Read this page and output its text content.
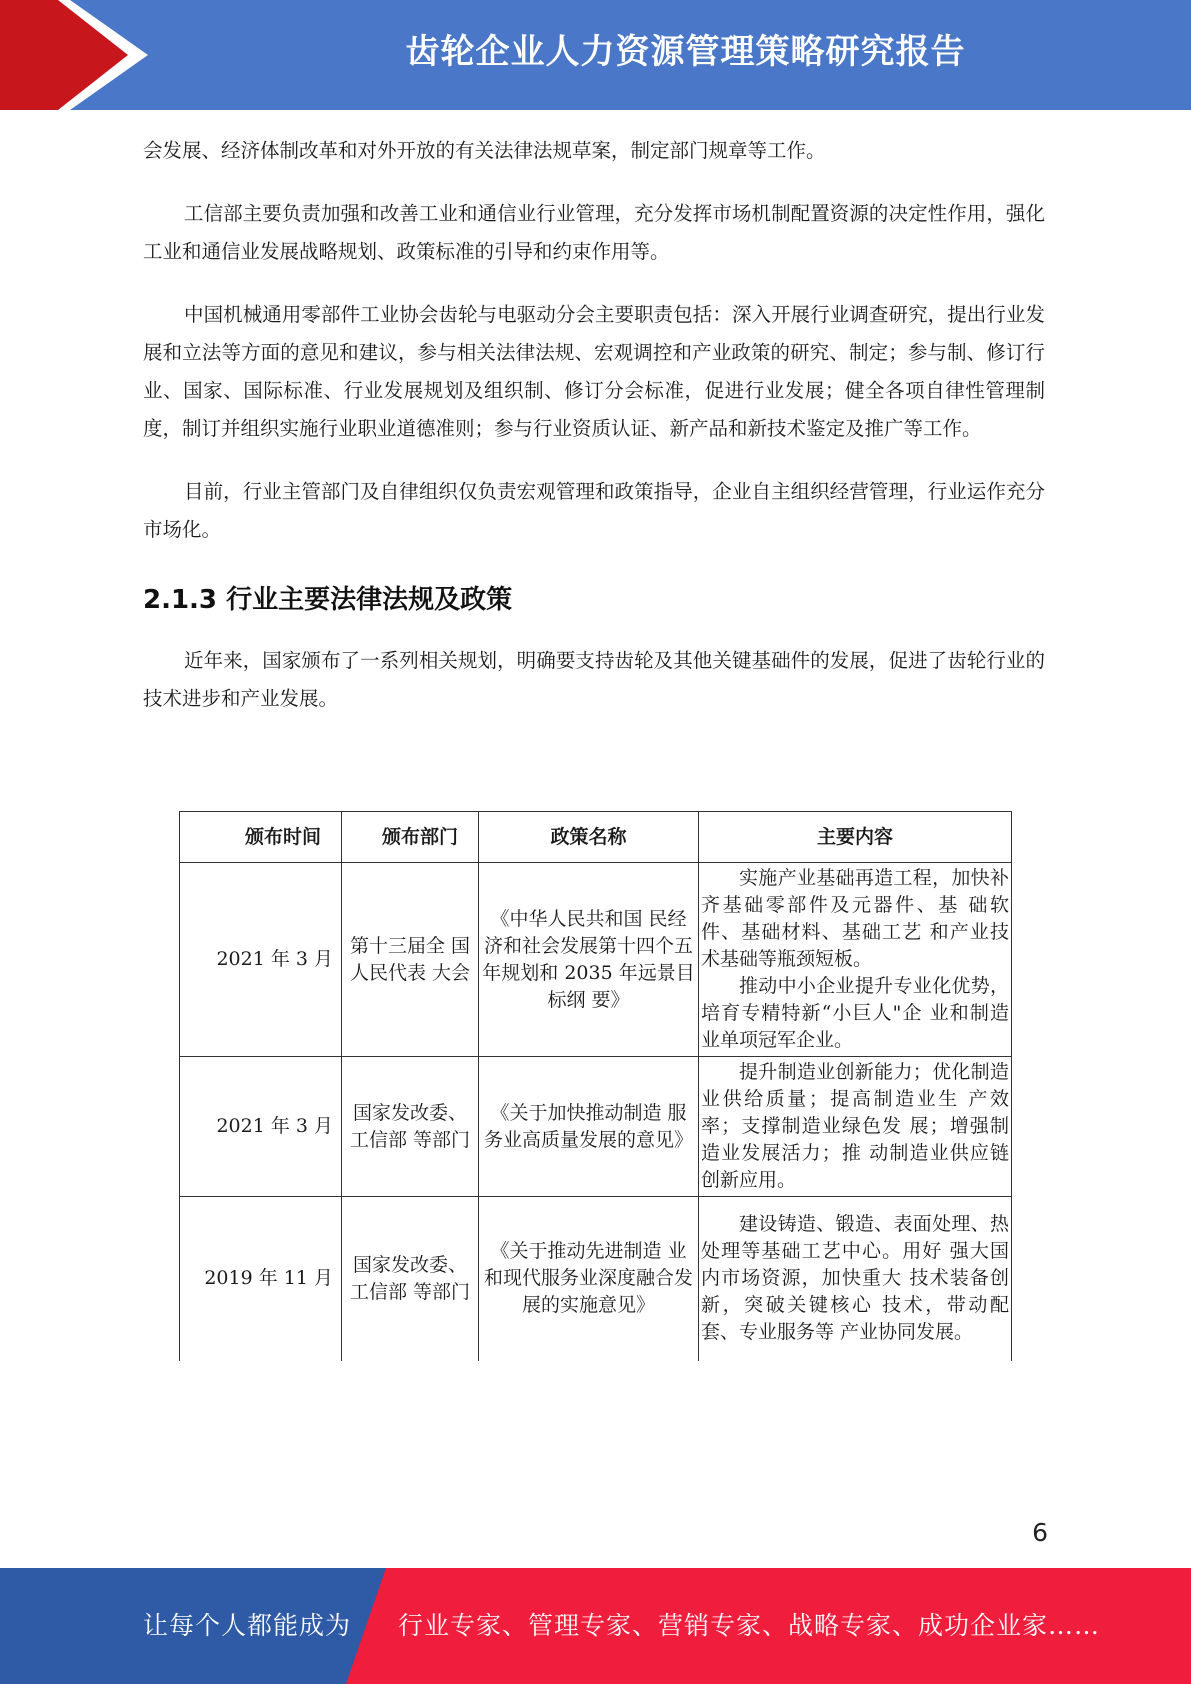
齿轮企业人力资源管理策略研究报告

会发展、经济体制改革和对外开放的有关法律法规草案，制定部门规章等工作。

工信部主要负责加强和改善工业和通信业行业管理，充分发挥市场机制配置资源的决定性作用，强化工业和通信业发展战略规划、政策标准的引导和约束作用等。

中国机械通用零部件工业协会齿轮与电驱动分会主要职责包括：深入开展行业调查研究，提出行业发展和立法等方面的意见和建议，参与相关法律法规、宏观调控和产业政策的研究、制定；参与制、修订行业、国家、国际标准、行业发展规划及组织制、修订分会标准，促进行业发展；健全各项自律性管理制度，制订并组织实施行业职业道德准则；参与行业资质认证、新产品和新技术鉴定及推广等工作。

目前，行业主管部门及自律组织仅负责宏观管理和政策指导，企业自主组织经营管理，行业运作充分市场化。

2.1.3 行业主要法律法规及政策

近年来，国家颁布了一系列相关规划，明确要支持齿轮及其他关键基础件的发展，促进了齿轮行业的技术进步和产业发展。

颁布时间	颁布部门	政策名称	主要内容
2021 年 3 月	第十三届全 国人民代表 大会	《中华人民共和国 民经济和社会发展第十四个五年规划和 2035 年远景目标纲 要》	实施产业基础再造工程，加快补齐基础零部件及元器件、基 础软件、基础材料、基础工艺 和产业技术基础等瓶颈短板。

推动中小企业提升专业化优势，培育专精特新“小巨人"企 业和制造业单项冠军企业。

2021 年 3 月	国家发改委、工信部 等部门	《关于加快推动制造 服务业高质量发展的意见》	提升制造业创新能力；优化制造业供给质量；提高制造业生 产效率；支撑制造业绿色发 展；增强制造业发展活力；推 动制造业供应链创新应用。

2019 年 11 月	国家发改委、工信部 等部门	《关于推动先进制造 业和现代服务业深度融合发展的实施意见》	建设铸造、锻造、表面处理、热处理等基础工艺中心。用好 强大国内市场资源，加快重大 技术装备创新，突破关键核心 技术，带动配套、专业服务等 产业协同发展。

6
让每个人都能成为 行业专家、管理专家、营销专家、战略专家、成功企业家……
